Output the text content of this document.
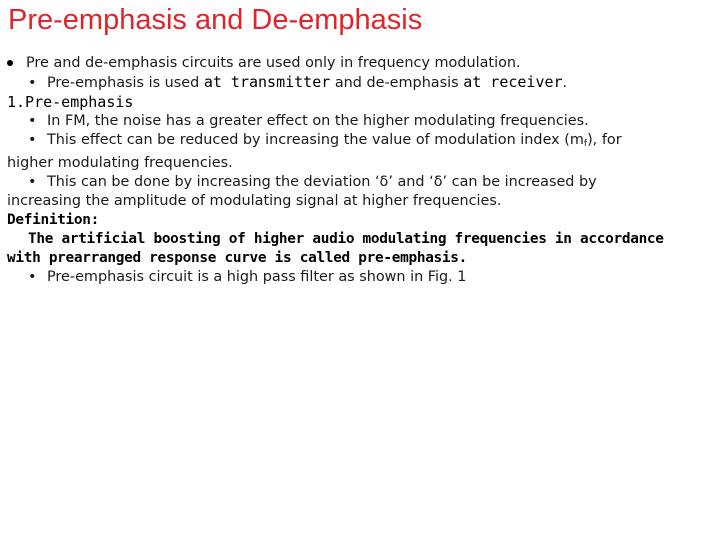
Pre-emphasis and De-emphasis
Pre and de-emphasis circuits are used only in frequency modulation.
• Pre-emphasis is used at transmitter and de-emphasis at receiver.
1.Pre-emphasis
• In FM, the noise has a greater effect on the higher modulating frequencies.
• This effect can be reduced by increasing the value of modulation index $(m_f)$, for
higher modulating frequencies.
• This can be done by increasing the deviation ‘δ’ and ‘δ’ can be increased by
increasing the amplitude of modulating signal at higher frequencies.
Definition:
The artificial boosting of higher audio modulating frequencies in accordance
with prearranged response curve is called pre-emphasis.
• Pre-emphasis circuit is a high pass filter as shown in Fig. 1
